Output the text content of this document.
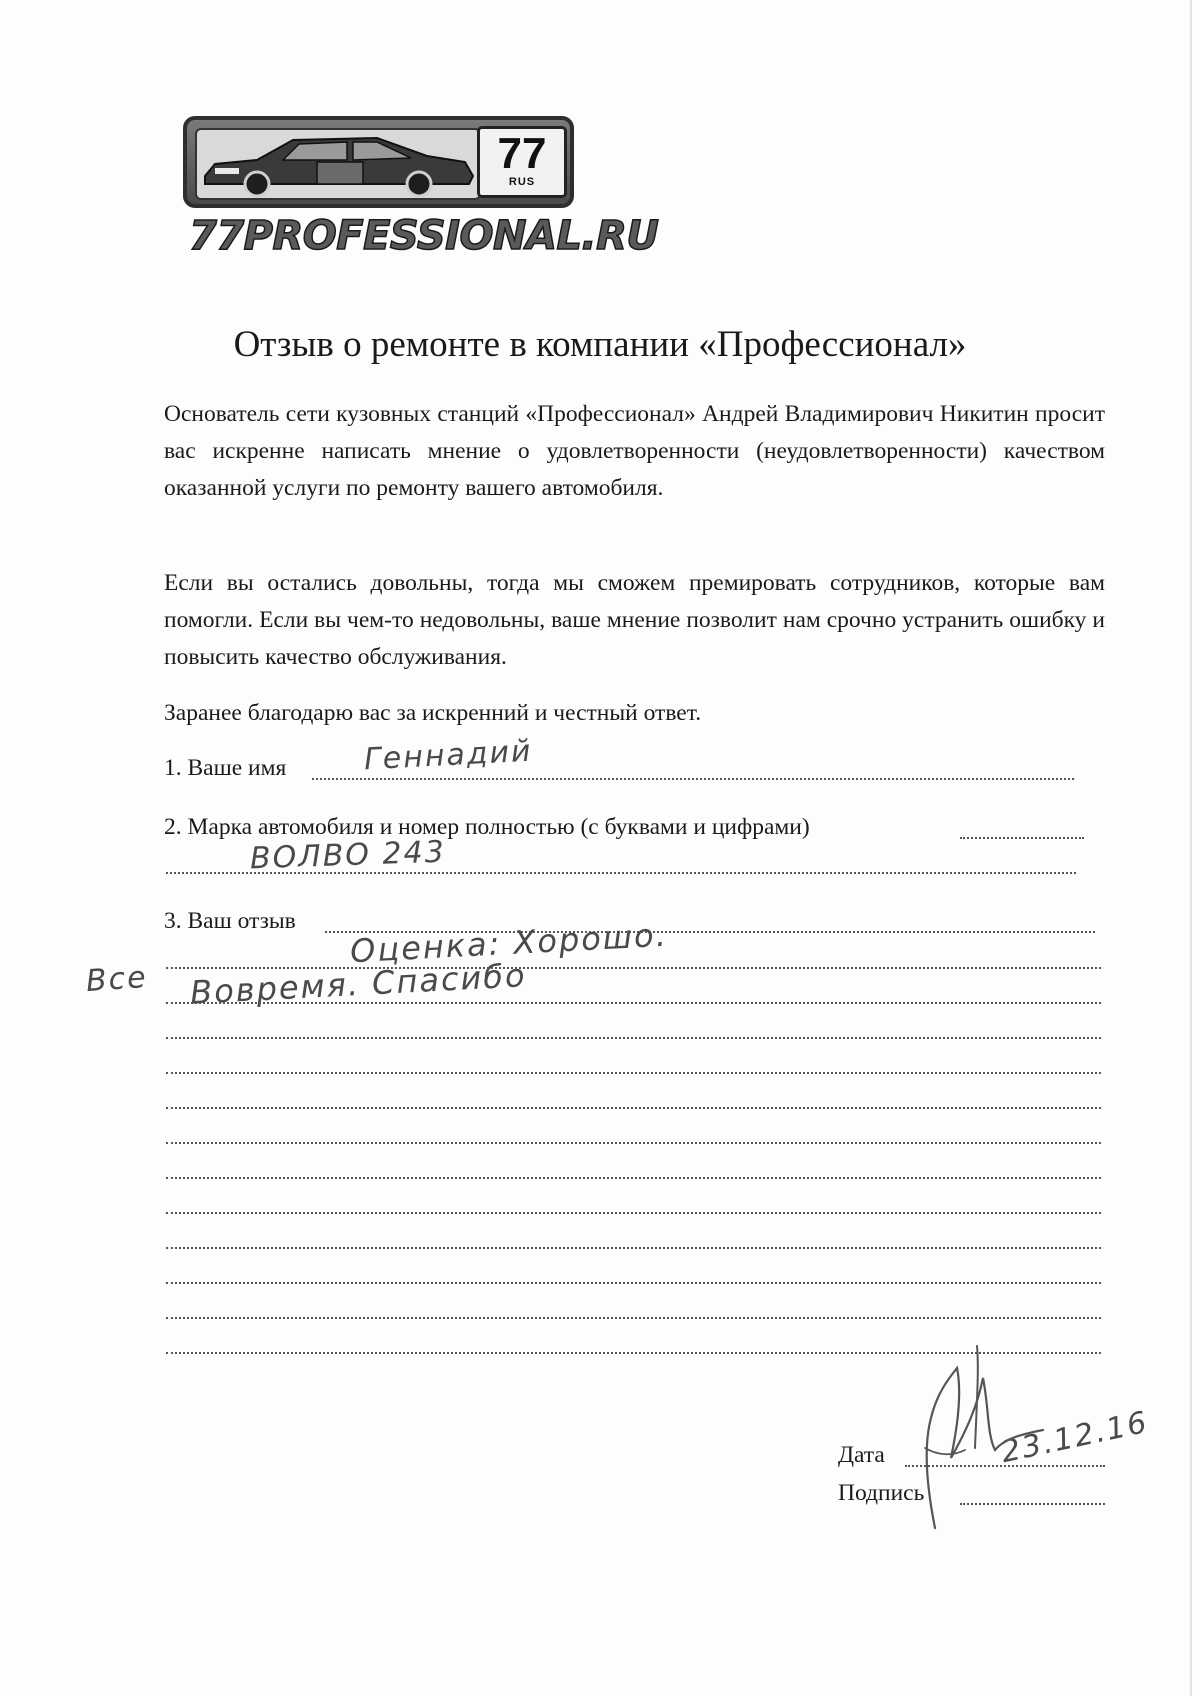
77
RUS
77PROFESSIONAL.RU
Отзыв о ремонте в компании «Профессионал»

Основатель сети кузовных станций «Профессионал» Андрей Владимирович Никитин просит вас искренне написать мнение о удовлетворенности (неудовлетворенности) качеством оказанной услуги по ремонту вашего автомобиля.

Если вы остались довольны, тогда мы сможем премировать сотрудников, которые вам помогли. Если вы чем-то недовольны, ваше мнение позволит нам срочно устранить ошибку и повысить качество обслуживания.

Заранее благодарю вас за искренний и честный ответ.

1. Ваше имя	Геннадий
2. Марка автомобиля и номер полностью (с буквами и цифрами)
ВОЛВО 243
3. Ваш отзыв Оценка: Хорошо.
Все Вовремя. Спасибо
Дата	23.12.16
Подпись
